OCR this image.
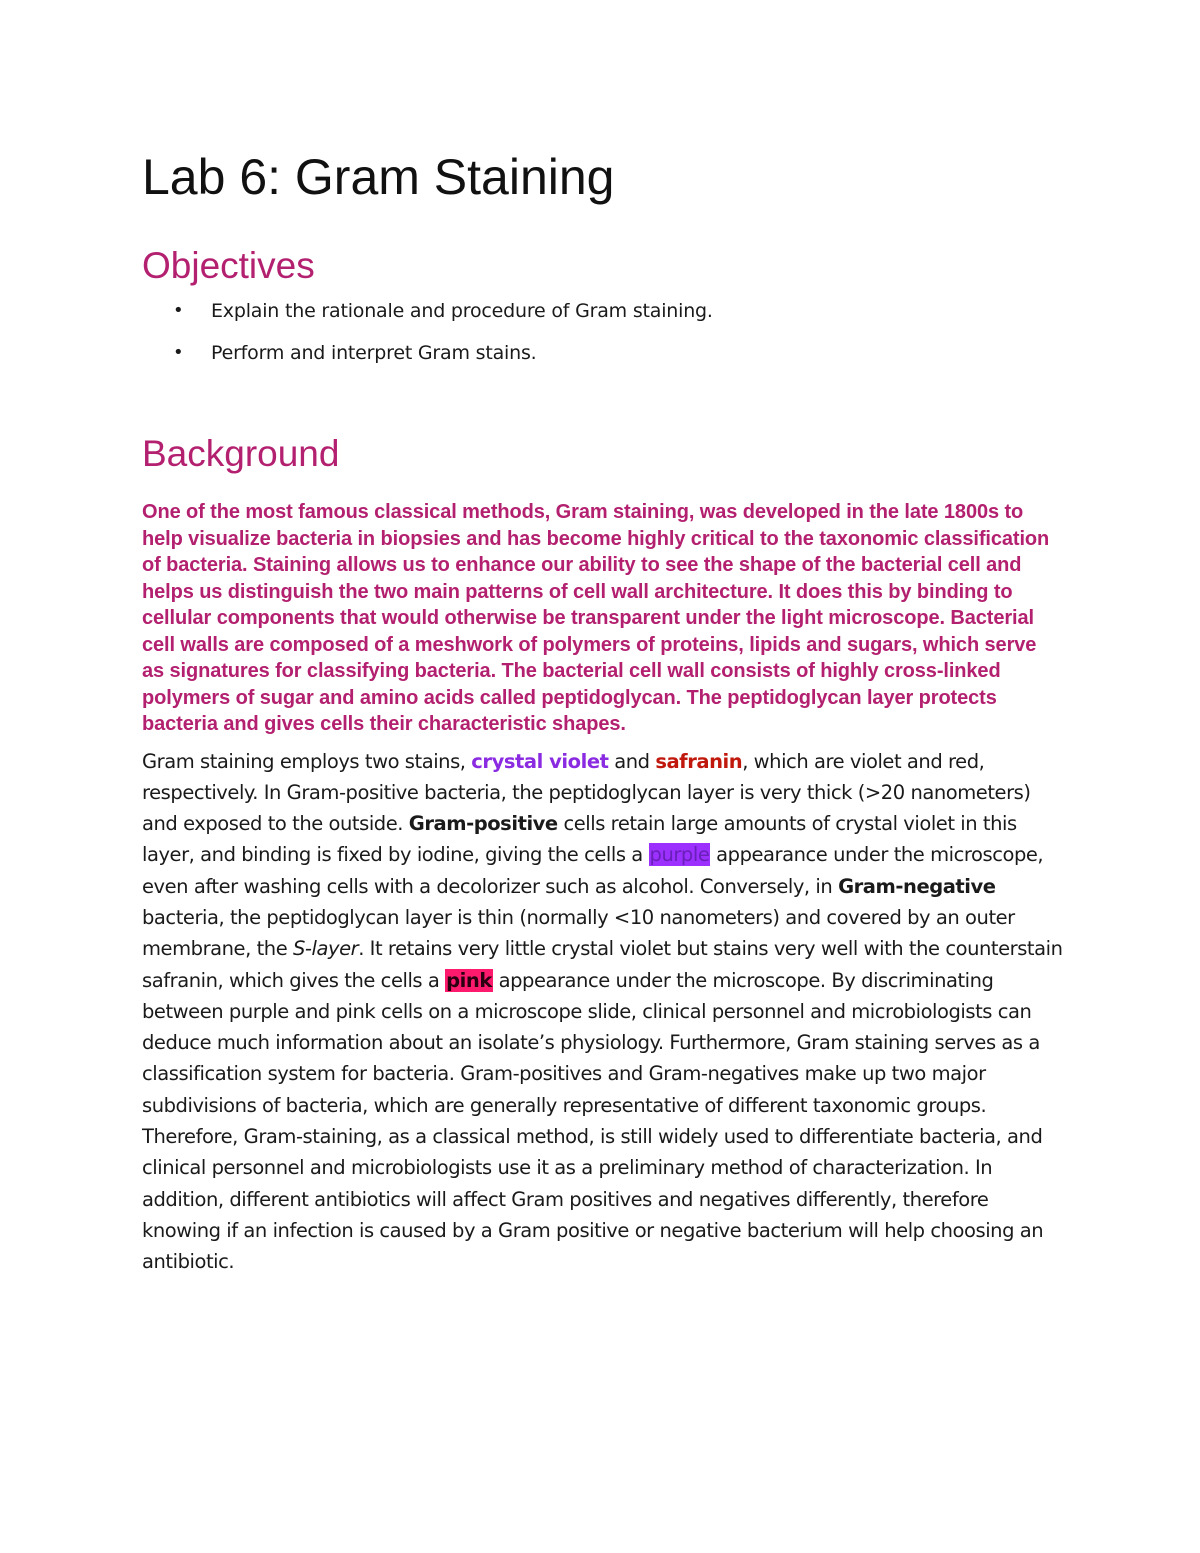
Lab 6: Gram Staining
Objectives
• Explain the rationale and procedure of Gram staining.
• Perform and interpret Gram stains.
Background

One of the most famous classical methods, Gram staining, was developed in the late 1800s to help visualize bacteria in biopsies and has become highly critical to the taxonomic classification of bacteria. Staining allows us to enhance our ability to see the shape of the bacterial cell and helps us distinguish the two main patterns of cell wall architecture. It does this by binding to cellular components that would otherwise be transparent under the light microscope. Bacterial cell walls are composed of a meshwork of polymers of proteins, lipids and sugars, which serve as signatures for classifying bacteria. The bacterial cell wall consists of highly cross-linked polymers of sugar and amino acids called peptidoglycan. The peptidoglycan layer protects bacteria and gives cells their characteristic shapes.

Gram staining employs two stains, crystal violet and safranin, which are violet and red, respectively. In Gram-positive bacteria, the peptidoglycan layer is very thick (>20 nanometers) and exposed to the outside. Gram-positive cells retain large amounts of crystal violet in this layer, and binding is fixed by iodine, giving the cells a purple appearance under the microscope, even after washing cells with a decolorizer such as alcohol. Conversely, in Gram-negative bacteria, the peptidoglycan layer is thin (normally <10 nanometers) and covered by an outer membrane, the S-layer. It retains very little crystal violet but stains very well with the counterstain safranin, which gives the cells a pink appearance under the microscope. By discriminating between purple and pink cells on a microscope slide, clinical personnel and microbiologists can deduce much information about an isolate’s physiology. Furthermore, Gram staining serves as a classification system for bacteria. Gram-positives and Gram-negatives make up two major subdivisions of bacteria, which are generally representative of different taxonomic groups. Therefore, Gram-staining, as a classical method, is still widely used to differentiate bacteria, and clinical personnel and microbiologists use it as a preliminary method of characterization. In addition, different antibiotics will affect Gram positives and negatives differently, therefore knowing if an infection is caused by a Gram positive or negative bacterium will help choosing an antibiotic.
